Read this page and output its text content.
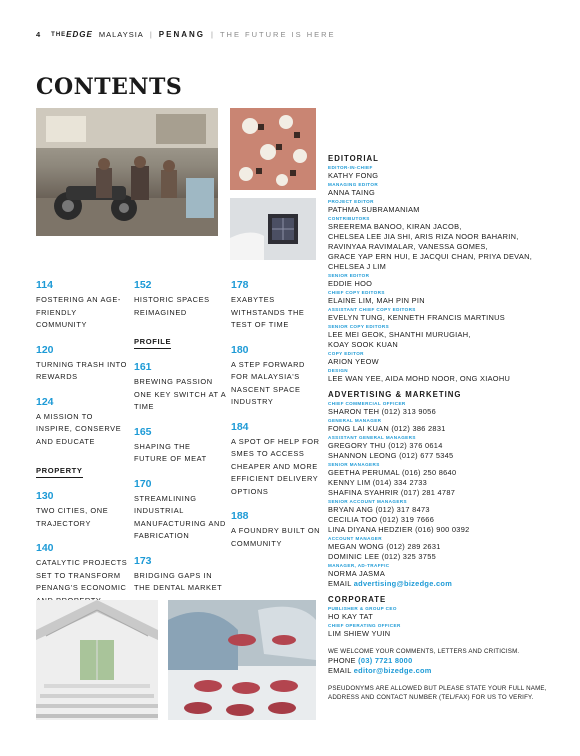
4 THE EDGE MALAYSIA | PENANG | THE FUTURE IS HERE
CONTENTS
114
FOSTERING AN AGE-FRIENDLY COMMUNITY
120
TURNING TRASH INTO REWARDS
124
A MISSION TO INSPIRE, CONSERVE AND EDUCATE
PROPERTY
130
TWO CITIES, ONE TRAJECTORY
140
CATALYTIC PROJECTS SET TO TRANSFORM PENANG'S ECONOMIC
152
HISTORIC SPACES REIMAGINED
PROFILE
161
BREWING PASSION ONE KEY SWITCH AT A TIME
165
SHAPING THE FUTURE OF MEAT
170
STREAMLINING INDUSTRIAL MANUFACTURING AND FABRICATION
173
BRIDGING GAPS IN THE DENTAL MARKET
178
EXABYTES WITHSTANDS THE TEST OF TIME
180
A STEP FORWARD FOR MALAYSIA'S NASCENT SPACE INDUSTRY
184
A SPOT OF HELP FOR SMES TO ACCESS CHEAPER AND MORE EFFICIENT DELIVERY OPTIONS
188
A FOUNDRY BUILT ON COMMUNITY
EDITORIAL
EDITOR-IN-CHIEF
KATHY FONG
MANAGING EDITOR
ANNA TAING
PROJECT EDITOR
PATHMA SUBRAMANIAM
CONTRIBUTORS
SREEREMA BANOO, KIRAN JACOB,
CHELSEA LEE JIA SHI, ARIS RIZA NOOR BAHARIN,
RAVINYAA RAVIMALAR, VANESSA GOMES,
GRACE YAP ERN HUI, E JACQUI CHAN, PRIYA DEVAN,
CHELSEA J LIM
SENIOR EDITOR
EDDIE HOO
CHIEF COPY EDITORS
ELAINE LIM, MAH PIN PIN
ASSISTANT CHIEF COPY EDITORS
EVELYN TUNG, KENNETH FRANCIS MARTINUS
SENIOR COPY EDITORS
LEE MEI GEOK, SHANTHI MURUGIAH,
KOAY SOOK KUAN
COPY EDITOR
ARION YEOW
DESIGN
LEE WAN YEE, AIDA MOHD NOOR, ONG XIAOHU
ADVERTISING & MARKETING
CHIEF COMMERCIAL OFFICER
SHARON TEH (012) 313 9056
GENERAL MANAGER
FONG LAI KUAN (012) 386 2831
ASSISTANT GENERAL MANAGERS
GREGORY THU (012) 376 0614
SHANNON LEONG (012) 677 5345
SENIOR MANAGERS
GEETHA PERUMAL (016) 250 8640
KENNY LIM (014) 334 2733
SHAFINA SYAHRIR (017) 281 4787
SENIOR ACCOUNT MANAGERS
BRYAN ANG (012) 317 8473
CECILIA TOO (012) 319 7666
LINA DIYANA HEDZIER (016) 900 0392
ACCOUNT MANAGER
MEGAN WONG (012) 289 2631
DOMINIC LEE (012) 325 3755
MANAGER, AD-TRAFFIC
NORMA JASMA
EMAIL advertising@bizedge.com
CORPORATE
PUBLISHER & GROUP CEO
HO KAY TAT
CHIEF OPERATING OFFICER
LIM SHIEW YUIN
WE WELCOME YOUR COMMENTS, LETTERS AND CRITICISM.
PHONE (03) 7721 8000
EMAIL editor@bizedge.com
PSEUDONYMS ARE ALLOWED BUT PLEASE STATE YOUR FULL NAME, ADDRESS AND CONTACT NUMBER (TEL/FAX) FOR US TO VERIFY.
